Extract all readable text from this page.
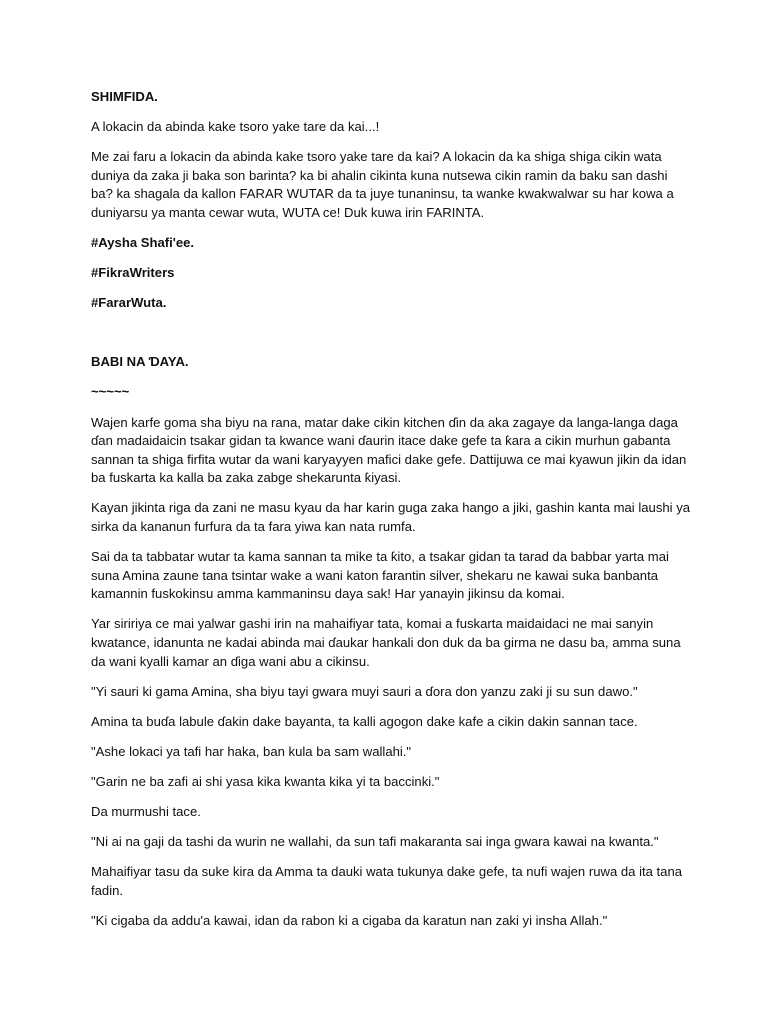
SHIMFIDA.

A lokacin da abinda kake tsoro yake tare da kai...!

Me zai faru a lokacin da abinda kake tsoro yake tare da kai? A lokacin da ka shiga shiga cikin wata duniya da zaka ji baka son barinta? ka bi ahalin cikinta kuna nutsewa cikin ramin da baku san dashi ba? ka shagala da kallon FARAR WUTAR da ta juye tunaninsu, ta wanke kwakwalwar su har kowa a duniyarsu ya manta cewar wuta, WUTA ce! Duk kuwa irin FARINTA.

#Aysha Shafi'ee.

#FikraWriters

#FararWuta.

BABI NA ƊAYA.

~~~~~

Wajen karfe goma sha biyu na rana, matar dake cikin kitchen ɗin da aka zagaye da langa-langa daga ɗan madaidaicin tsakar gidan ta kwance wani ɗaurin itace dake gefe ta ƙara a cikin murhun gabanta sannan ta shiga firfita wutar da wani karyayyen mafici dake gefe. Dattijuwa ce mai kyawun jikin da idan ba fuskarta ka kalla ba zaka zabge shekarunta ƙiyasi.

Kayan jikinta riga da zani ne masu kyau da har karin guga zaka hango a jiki, gashin kanta mai laushi ya sirka da kananun furfura da ta fara yiwa kan nata rumfa.

Sai da ta tabbatar wutar ta kama sannan ta mike ta ƙito, a tsakar gidan ta tarad da babbar yarta mai suna Amina zaune tana tsintar wake a wani katon farantin silver, shekaru ne kawai suka banbanta kamannin fuskokinsu amma kammaninsu daya sak! Har yanayin jikinsu da komai.

Yar siririya ce mai yalwar gashi irin na mahaifiyar tata, komai a fuskarta maidaidaci ne mai sanyin kwatance, idanunta ne kadai abinda mai ɗaukar hankali don duk da ba girma ne dasu ba, amma suna da wani kyalli kamar an ɗiga wani abu a cikinsu.

"Yi sauri ki gama Amina, sha biyu tayi gwara muyi sauri a ɗora don yanzu zaki ji su sun dawo."

Amina ta buɗa labule ɗakin dake bayanta, ta kalli agogon dake kafe a cikin dakin sannan tace.

"Ashe lokaci ya tafi har haka, ban kula ba sam wallahi."

"Garin ne ba zafi ai shi yasa kika kwanta kika yi ta baccinki."

Da murmushi tace.

"Ni ai na gaji da tashi da wurin ne wallahi, da sun tafi makaranta sai inga gwara kawai na kwanta."

Mahaifiyar tasu da suke kira da Amma ta dauki wata tukunya dake gefe, ta nufi wajen ruwa da ita tana fadin.

"Ki cigaba da addu'a kawai, idan da rabon ki a cigaba da karatun nan zaki yi insha Allah."
